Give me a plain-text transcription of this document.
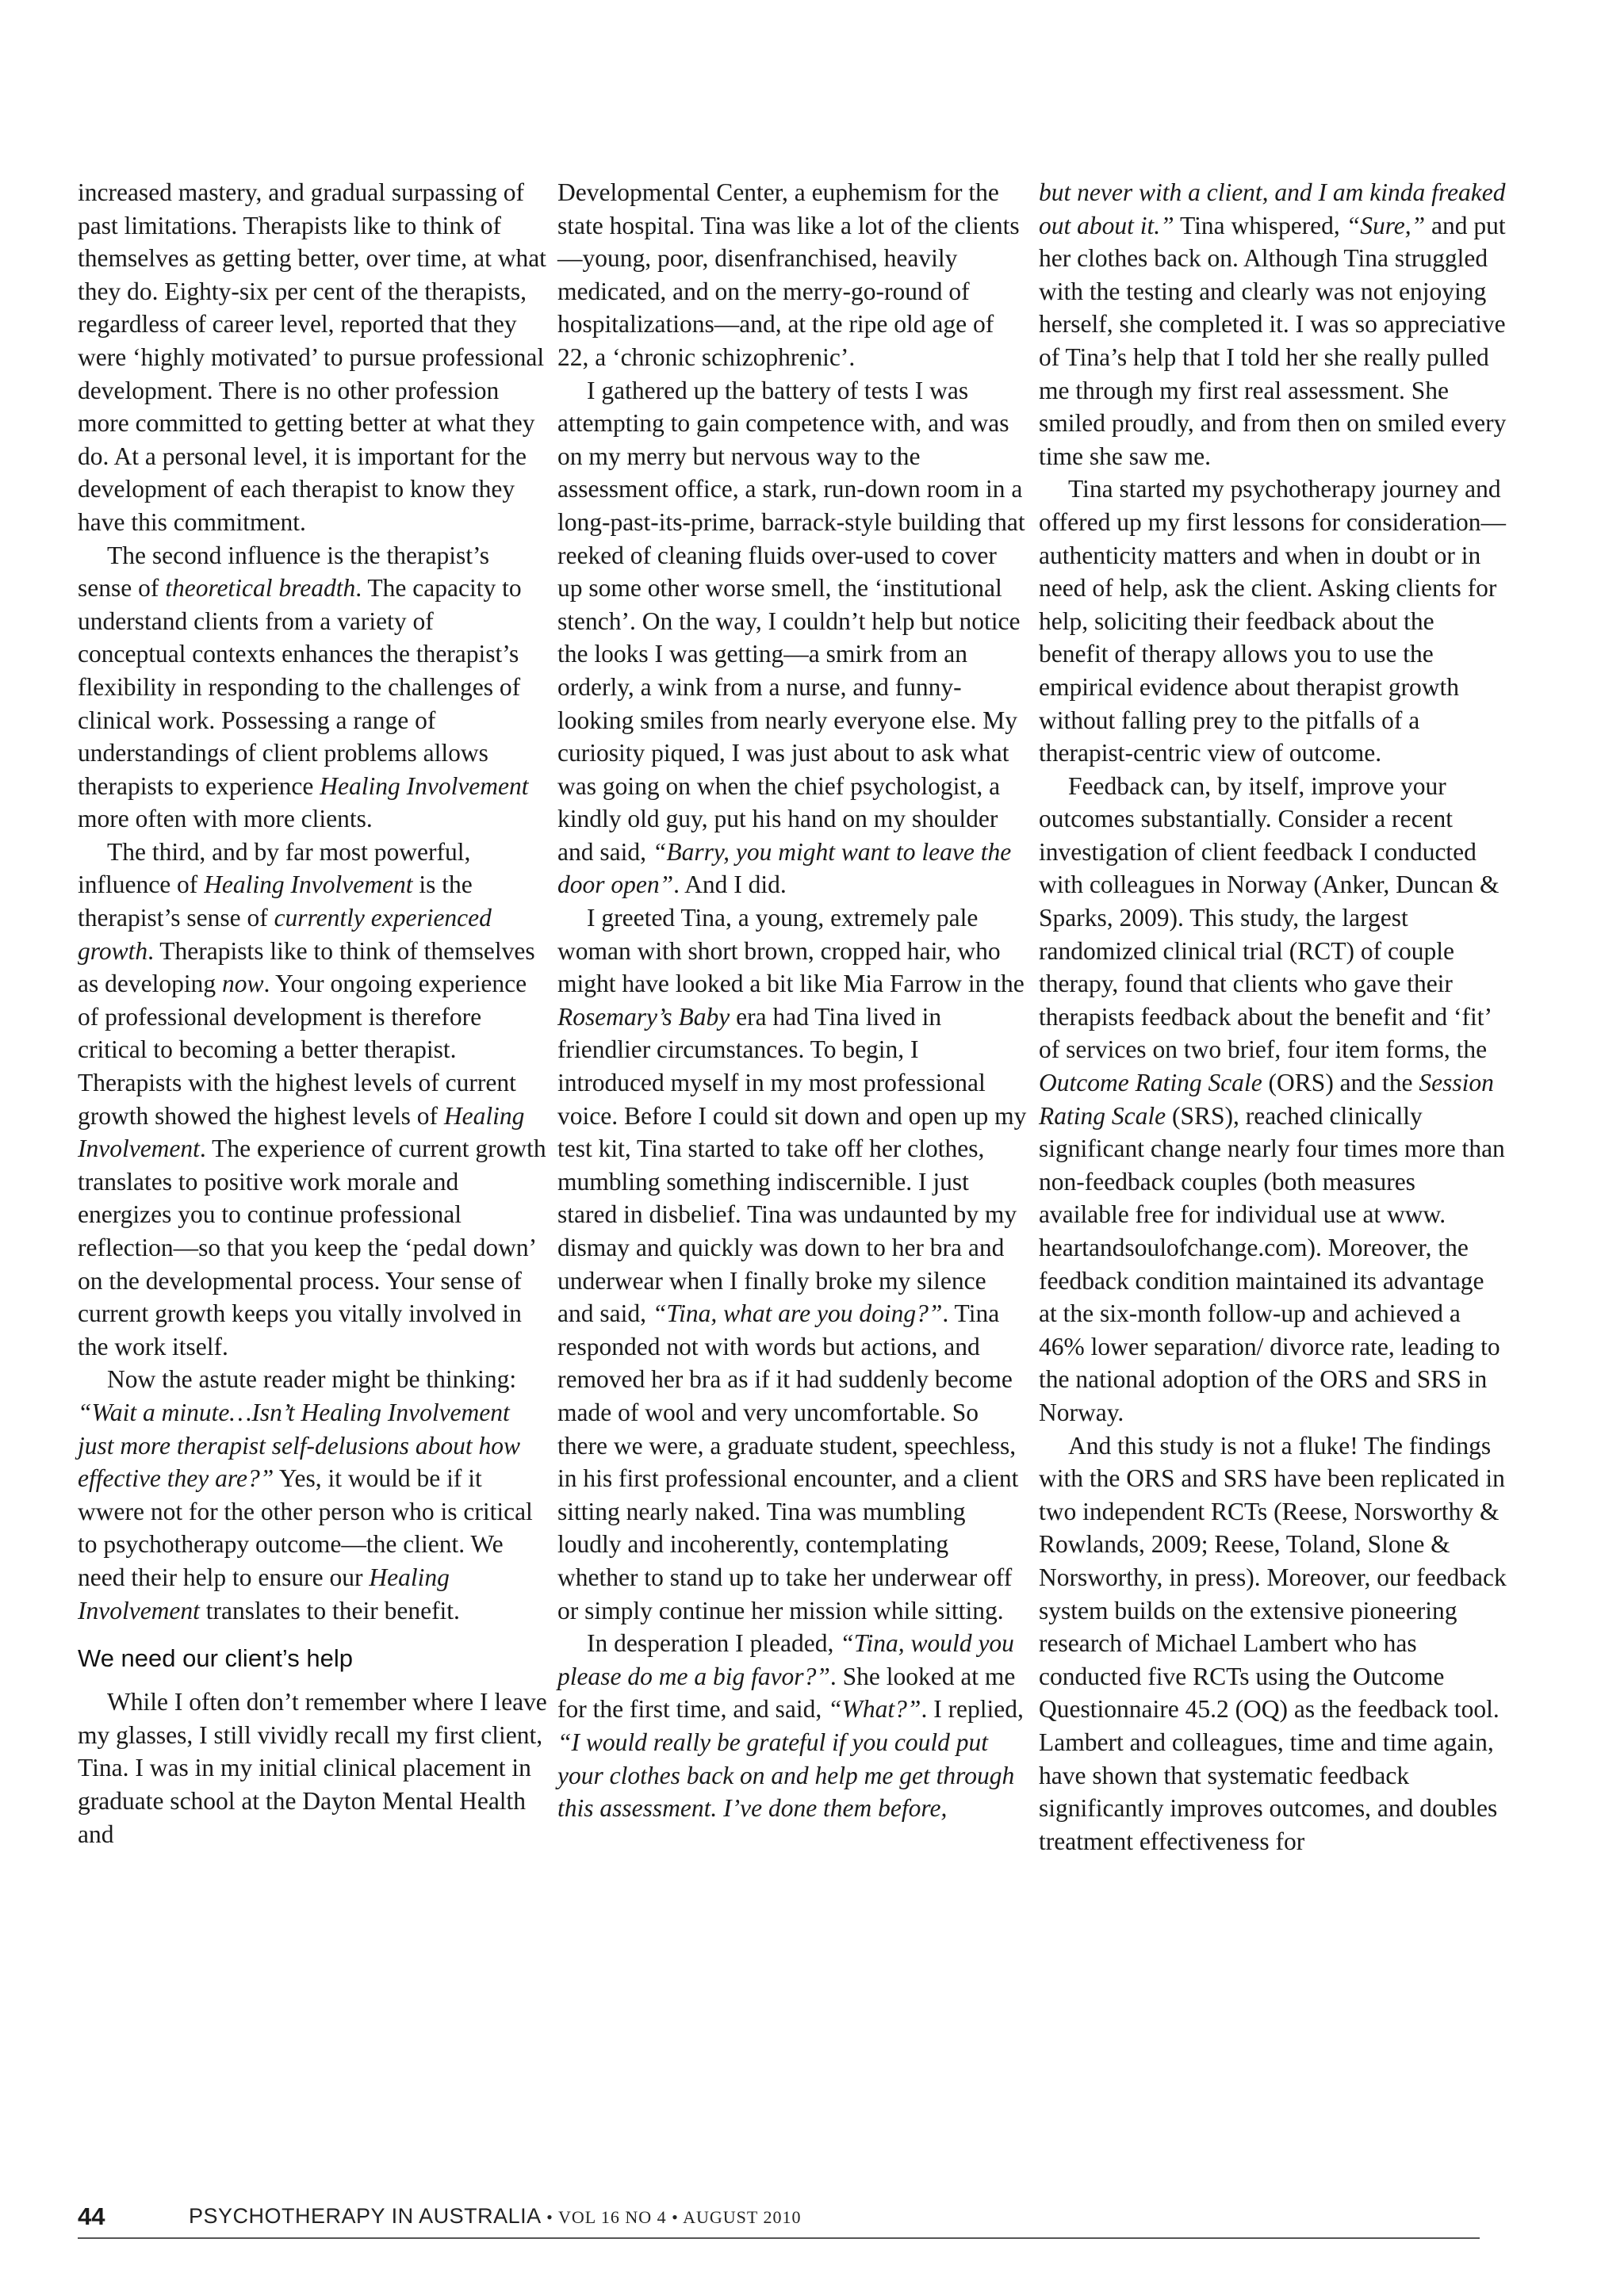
increased mastery, and gradual surpassing of past limitations. Therapists like to think of themselves as getting better, over time, at what they do. Eighty-six per cent of the therapists, regardless of career level, reported that they were ‘highly motivated’ to pursue professional development. There is no other profession more committed to getting better at what they do. At a personal level, it is important for the development of each therapist to know they have this commitment.

The second influence is the therapist’s sense of theoretical breadth. The capacity to understand clients from a variety of conceptual contexts enhances the therapist’s flexibility in responding to the challenges of clinical work. Possessing a range of understandings of client problems allows therapists to experience Healing Involvement more often with more clients.

The third, and by far most powerful, influence of Healing Involvement is the therapist’s sense of currently experienced growth. Therapists like to think of themselves as developing now. Your ongoing experience of professional development is therefore critical to becoming a better therapist. Therapists with the highest levels of current growth showed the highest levels of Healing Involvement. The experience of current growth translates to positive work morale and energizes you to continue professional reflection—so that you keep the ‘pedal down’ on the developmental process. Your sense of current growth keeps you vitally involved in the work itself.

Now the astute reader might be thinking: “Wait a minute…Isn’t Healing Involvement just more therapist self-delusions about how effective they are?” Yes, it would be if it wwere not for the other person who is critical to psychotherapy outcome—the client. We need their help to ensure our Healing Involvement translates to their benefit.

We need our client’s help

While I often don’t remember where I leave my glasses, I still vividly recall my first client, Tina. I was in my initial clinical placement in graduate school at the Dayton Mental Health and

Developmental Center, a euphemism for the state hospital. Tina was like a lot of the clients—young, poor, disenfranchised, heavily medicated, and on the merry-go-round of hospitalizations—and, at the ripe old age of 22, a ‘chronic schizophrenic’.

I gathered up the battery of tests I was attempting to gain competence with, and was on my merry but nervous way to the assessment office, a stark, run-down room in a long-past-its-prime, barrack-style building that reeked of cleaning fluids over-used to cover up some other worse smell, the ‘institutional stench’. On the way, I couldn’t help but notice the looks I was getting—a smirk from an orderly, a wink from a nurse, and funny-looking smiles from nearly everyone else. My curiosity piqued, I was just about to ask what was going on when the chief psychologist, a kindly old guy, put his hand on my shoulder and said, “Barry, you might want to leave the door open”. And I did.

I greeted Tina, a young, extremely pale woman with short brown, cropped hair, who might have looked a bit like Mia Farrow in the Rosemary’s Baby era had Tina lived in friendlier circumstances. To begin, I introduced myself in my most professional voice. Before I could sit down and open up my test kit, Tina started to take off her clothes, mumbling something indiscernible. I just stared in disbelief. Tina was undaunted by my dismay and quickly was down to her bra and underwear when I finally broke my silence and said, “Tina, what are you doing?”. Tina responded not with words but actions, and removed her bra as if it had suddenly become made of wool and very uncomfortable. So there we were, a graduate student, speechless, in his first professional encounter, and a client sitting nearly naked. Tina was mumbling loudly and incoherently, contemplating whether to stand up to take her underwear off or simply continue her mission while sitting.

In desperation I pleaded, “Tina, would you please do me a big favor?”. She looked at me for the first time, and said, “What?”. I replied, “I would really be grateful if you could put your clothes back on and help me get through this assessment. I’ve done them before,

but never with a client, and I am kinda freaked out about it.” Tina whispered, “Sure,” and put her clothes back on. Although Tina struggled with the testing and clearly was not enjoying herself, she completed it. I was so appreciative of Tina’s help that I told her she really pulled me through my first real assessment. She smiled proudly, and from then on smiled every time she saw me.

Tina started my psychotherapy journey and offered up my first lessons for consideration—authenticity matters and when in doubt or in need of help, ask the client. Asking clients for help, soliciting their feedback about the benefit of therapy allows you to use the empirical evidence about therapist growth without falling prey to the pitfalls of a therapist-centric view of outcome.

Feedback can, by itself, improve your outcomes substantially. Consider a recent investigation of client feedback I conducted with colleagues in Norway (Anker, Duncan & Sparks, 2009). This study, the largest randomized clinical trial (RCT) of couple therapy, found that clients who gave their therapists feedback about the benefit and ‘fit’ of services on two brief, four item forms, the Outcome Rating Scale (ORS) and the Session Rating Scale (SRS), reached clinically significant change nearly four times more than non-feedback couples (both measures available free for individual use at www. heartandsoulofchange.com). Moreover, the feedback condition maintained its advantage at the six-month follow-up and achieved a 46% lower separation/ divorce rate, leading to the national adoption of the ORS and SRS in Norway.

And this study is not a fluke! The findings with the ORS and SRS have been replicated in two independent RCTs (Reese, Norsworthy & Rowlands, 2009; Reese, Toland, Slone & Norsworthy, in press). Moreover, our feedback system builds on the extensive pioneering research of Michael Lambert who has conducted five RCTs using the Outcome Questionnaire 45.2 (OQ) as the feedback tool. Lambert and colleagues, time and time again, have shown that systematic feedback significantly improves outcomes, and doubles treatment effectiveness for

44	PSYCHOTHERAPY IN AUSTRALIA • VOL 16 NO 4 • AUGUST 2010
